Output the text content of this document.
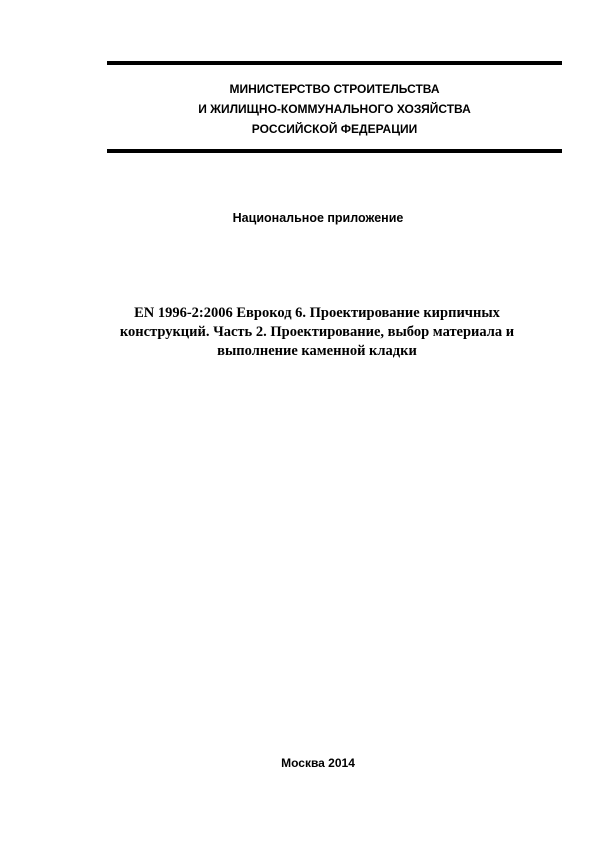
МИНИСТЕРСТВО СТРОИТЕЛЬСТВА
И ЖИЛИЩНО-КОММУНАЛЬНОГО ХОЗЯЙСТВА
РОССИЙСКОЙ ФЕДЕРАЦИИ
Национальное приложение
EN 1996-2:2006 Еврокод 6. Проектирование кирпичных
конструкций. Часть 2. Проектирование, выбор материала и
выполнение каменной кладки
Москва 2014
